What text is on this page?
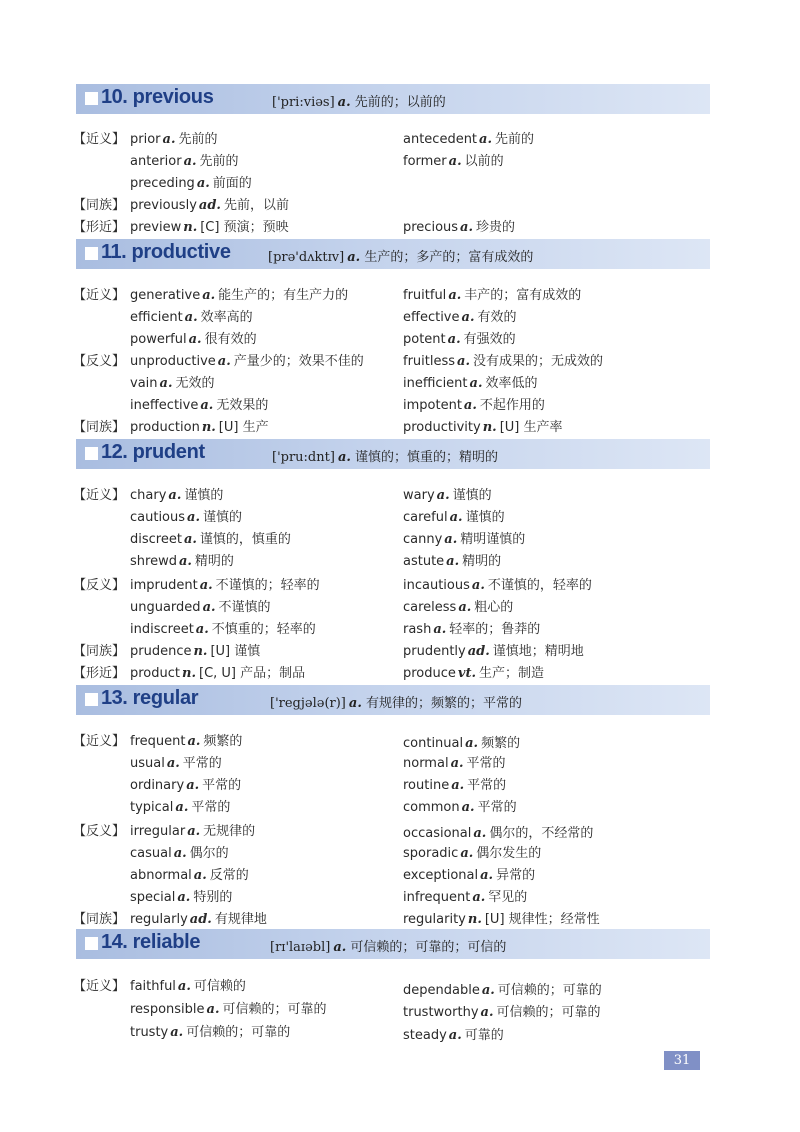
10. previous	['pri:viəs] a. 先前的；以前的
【近义】 prior a. 先前的	antecedent a. 先前的
anterior a. 先前的	former a. 以前的
preceding a. 前面的
【同族】 previously ad. 先前，以前
【形近】 preview n. [C] 预演；预映	precious a. 珍贵的
11. productive	[prə'dʌktɪv] a. 生产的；多产的；富有成效的
【近义】 generative a. 能生产的；有生产力的	fruitful a. 丰产的；富有成效的
efficient a. 效率高的	effective a. 有效的
powerful a. 很有效的	potent a. 有强效的
【反义】 unproductive a. 产量少的；效果不佳的	fruitless a. 没有成果的；无成效的
vain a. 无效的	inefficient a. 效率低的
ineffective a. 无效果的	impotent a. 不起作用的
【同族】 production n. [U] 生产	productivity n. [U] 生产率
12. prudent	['pru:dnt] a. 谨慎的；慎重的；精明的
【近义】 chary a. 谨慎的	wary a. 谨慎的
cautious a. 谨慎的	careful a. 谨慎的
discreet a. 谨慎的，慎重的	canny a. 精明谨慎的
shrewd a. 精明的	astute a. 精明的
【反义】 imprudent a. 不谨慎的；轻率的	incautious a. 不谨慎的，轻率的
unguarded a. 不谨慎的	careless a. 粗心的
indiscreet a. 不慎重的；轻率的	rash a. 轻率的；鲁莽的
【同族】 prudence n. [U] 谨慎	prudently ad. 谨慎地；精明地
【形近】 product n. [C, U] 产品；制品	produce vt. 生产；制造
13. regular	['regjələ(r)] a. 有规律的；频繁的；平常的
【近义】 frequent a. 频繁的	continual a. 频繁的
usual a. 平常的	normal a. 平常的
ordinary a. 平常的	routine a. 平常的
typical a. 平常的	common a. 平常的
【反义】 irregular a. 无规律的	occasional a. 偶尔的，不经常的
casual a. 偶尔的	sporadic a. 偶尔发生的
abnormal a. 反常的	exceptional a. 异常的
special a. 特别的	infrequent a. 罕见的
【同族】 regularly ad. 有规律地	regularity n. [U] 规律性；经常性
14. reliable	[rɪ'laɪəbl] a. 可信赖的；可靠的；可信的
【近义】 faithful a. 可信赖的	dependable a. 可信赖的；可靠的
responsible a. 可信赖的；可靠的	trustworthy a. 可信赖的；可靠的
trusty a. 可信赖的；可靠的	steady a. 可靠的
31
